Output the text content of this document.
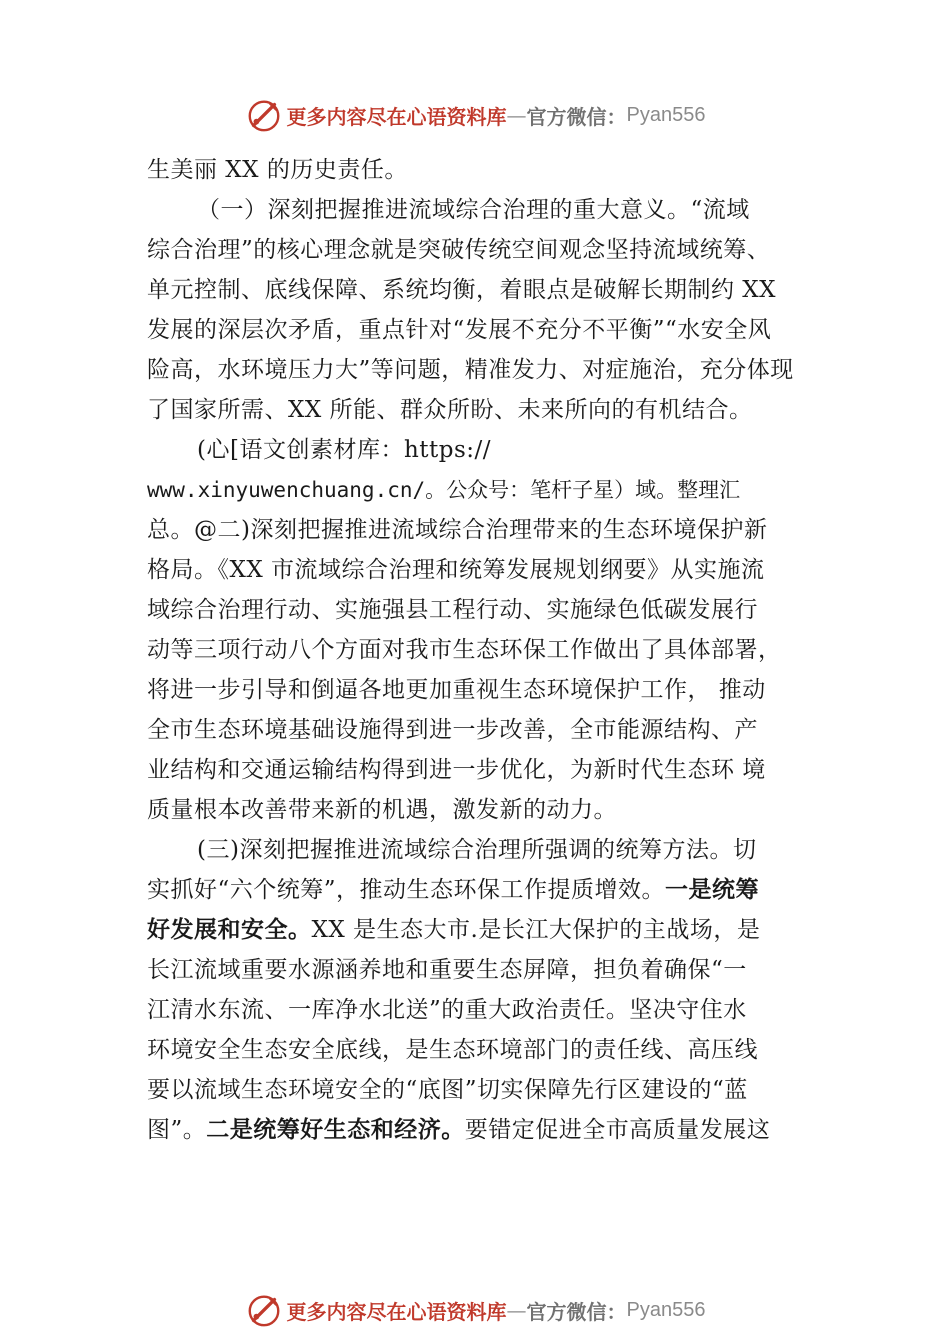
更多内容尽在心语资料库 — 官方微信： Pyan556
生美丽 XX 的历史责任。
（一）深刻把握推进流域综合治理的重大意义。“流域
综合治理”的核心理念就是突破传统空间观念坚持流域统筹、
单元控制、底线保障、系统均衡，着眼点是破解长期制约 XX
发展的深层次矛盾，重点针对“发展不充分不平衡”“水安全风
险高，水环境压力大”等问题，精准发力、对症施治，充分体现
了国家所需、XX 所能、群众所盼、未来所向的有机结合。
(心[语文创素材库：https://
www.xinyuwenchuang.cn/。公众号：笔杆子星）域。整理汇
总。@二)深刻把握推进流域综合治理带来的生态环境保护新
格局。《XX 市流域综合治理和统筹发展规划纲要》从实施流
域综合治理行动、实施强县工程行动、实施绿色低碳发展行
动等三项行动八个方面对我市生态环保工作做出了具体部署，
将进一步引导和倒逼各地更加重视生态环境保护工作， 推动
全市生态环境基础设施得到进一步改善，全市能源结构、产
业结构和交通运输结构得到进一步优化，为新时代生态环 境
质量根本改善带来新的机遇，激发新的动力。
(三)深刻把握推进流域综合治理所强调的统筹方法。切
实抓好“六个统筹”，推动生态环保工作提质增效。一是统筹
好发展和安全。XX 是生态大市.是长江大保护的主战场，是
长江流域重要水源涵养地和重要生态屏障，担负着确保“一
江清水东流、一库净水北送”的重大政治责任。坚决守住水
环境安全生态安全底线，是生态环境部门的责任线、高压线
要以流域生态环境安全的“底图”切实保障先行区建设的“蓝
图”。二是统筹好生态和经济。要错定促进全市高质量发展这
更多内容尽在心语资料库 — 官方微信： Pyan556
